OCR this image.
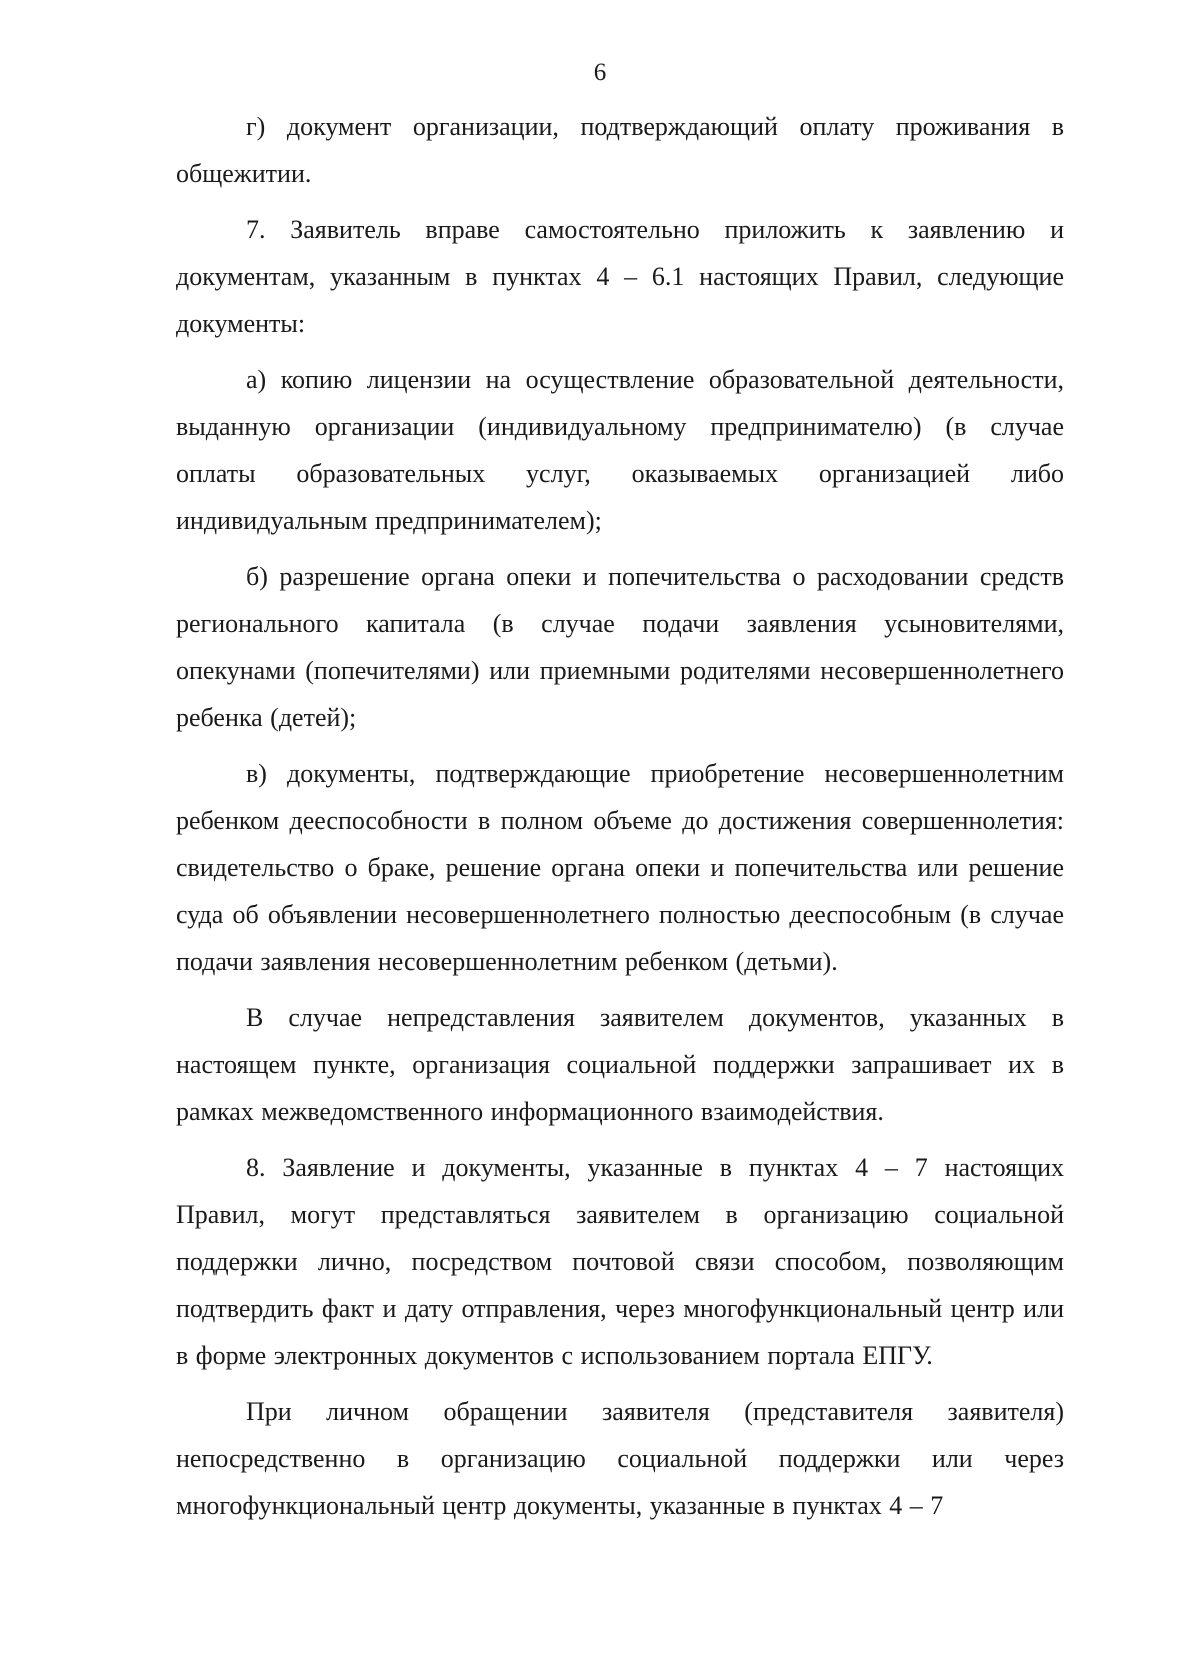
6

г) документ организации, подтверждающий оплату проживания в общежитии.

7. Заявитель вправе самостоятельно приложить к заявлению и документам, указанным в пунктах 4 – 6.1 настоящих Правил, следующие документы:

а) копию лицензии на осуществление образовательной деятельности, выданную организации (индивидуальному предпринимателю) (в случае оплаты образовательных услуг, оказываемых организацией либо индивидуальным предпринимателем);

б) разрешение органа опеки и попечительства о расходовании средств регионального капитала (в случае подачи заявления усыновителями, опекунами (попечителями) или приемными родителями несовершеннолетнего ребенка (детей);

в) документы, подтверждающие приобретение несовершеннолетним ребенком дееспособности в полном объеме до достижения совершеннолетия: свидетельство о браке, решение органа опеки и попечительства или решение суда об объявлении несовершеннолетнего полностью дееспособным (в случае подачи заявления несовершеннолетним ребенком (детьми).

В случае непредставления заявителем документов, указанных в настоящем пункте, организация социальной поддержки запрашивает их в рамках межведомственного информационного взаимодействия.

8. Заявление и документы, указанные в пунктах 4 – 7 настоящих Правил, могут представляться заявителем в организацию социальной поддержки лично, посредством почтовой связи способом, позволяющим подтвердить факт и дату отправления, через многофункциональный центр или в форме электронных документов с использованием портала ЕПГУ.

При личном обращении заявителя (представителя заявителя) непосредственно в организацию социальной поддержки или через многофункциональный центр документы, указанные в пунктах 4 – 7
